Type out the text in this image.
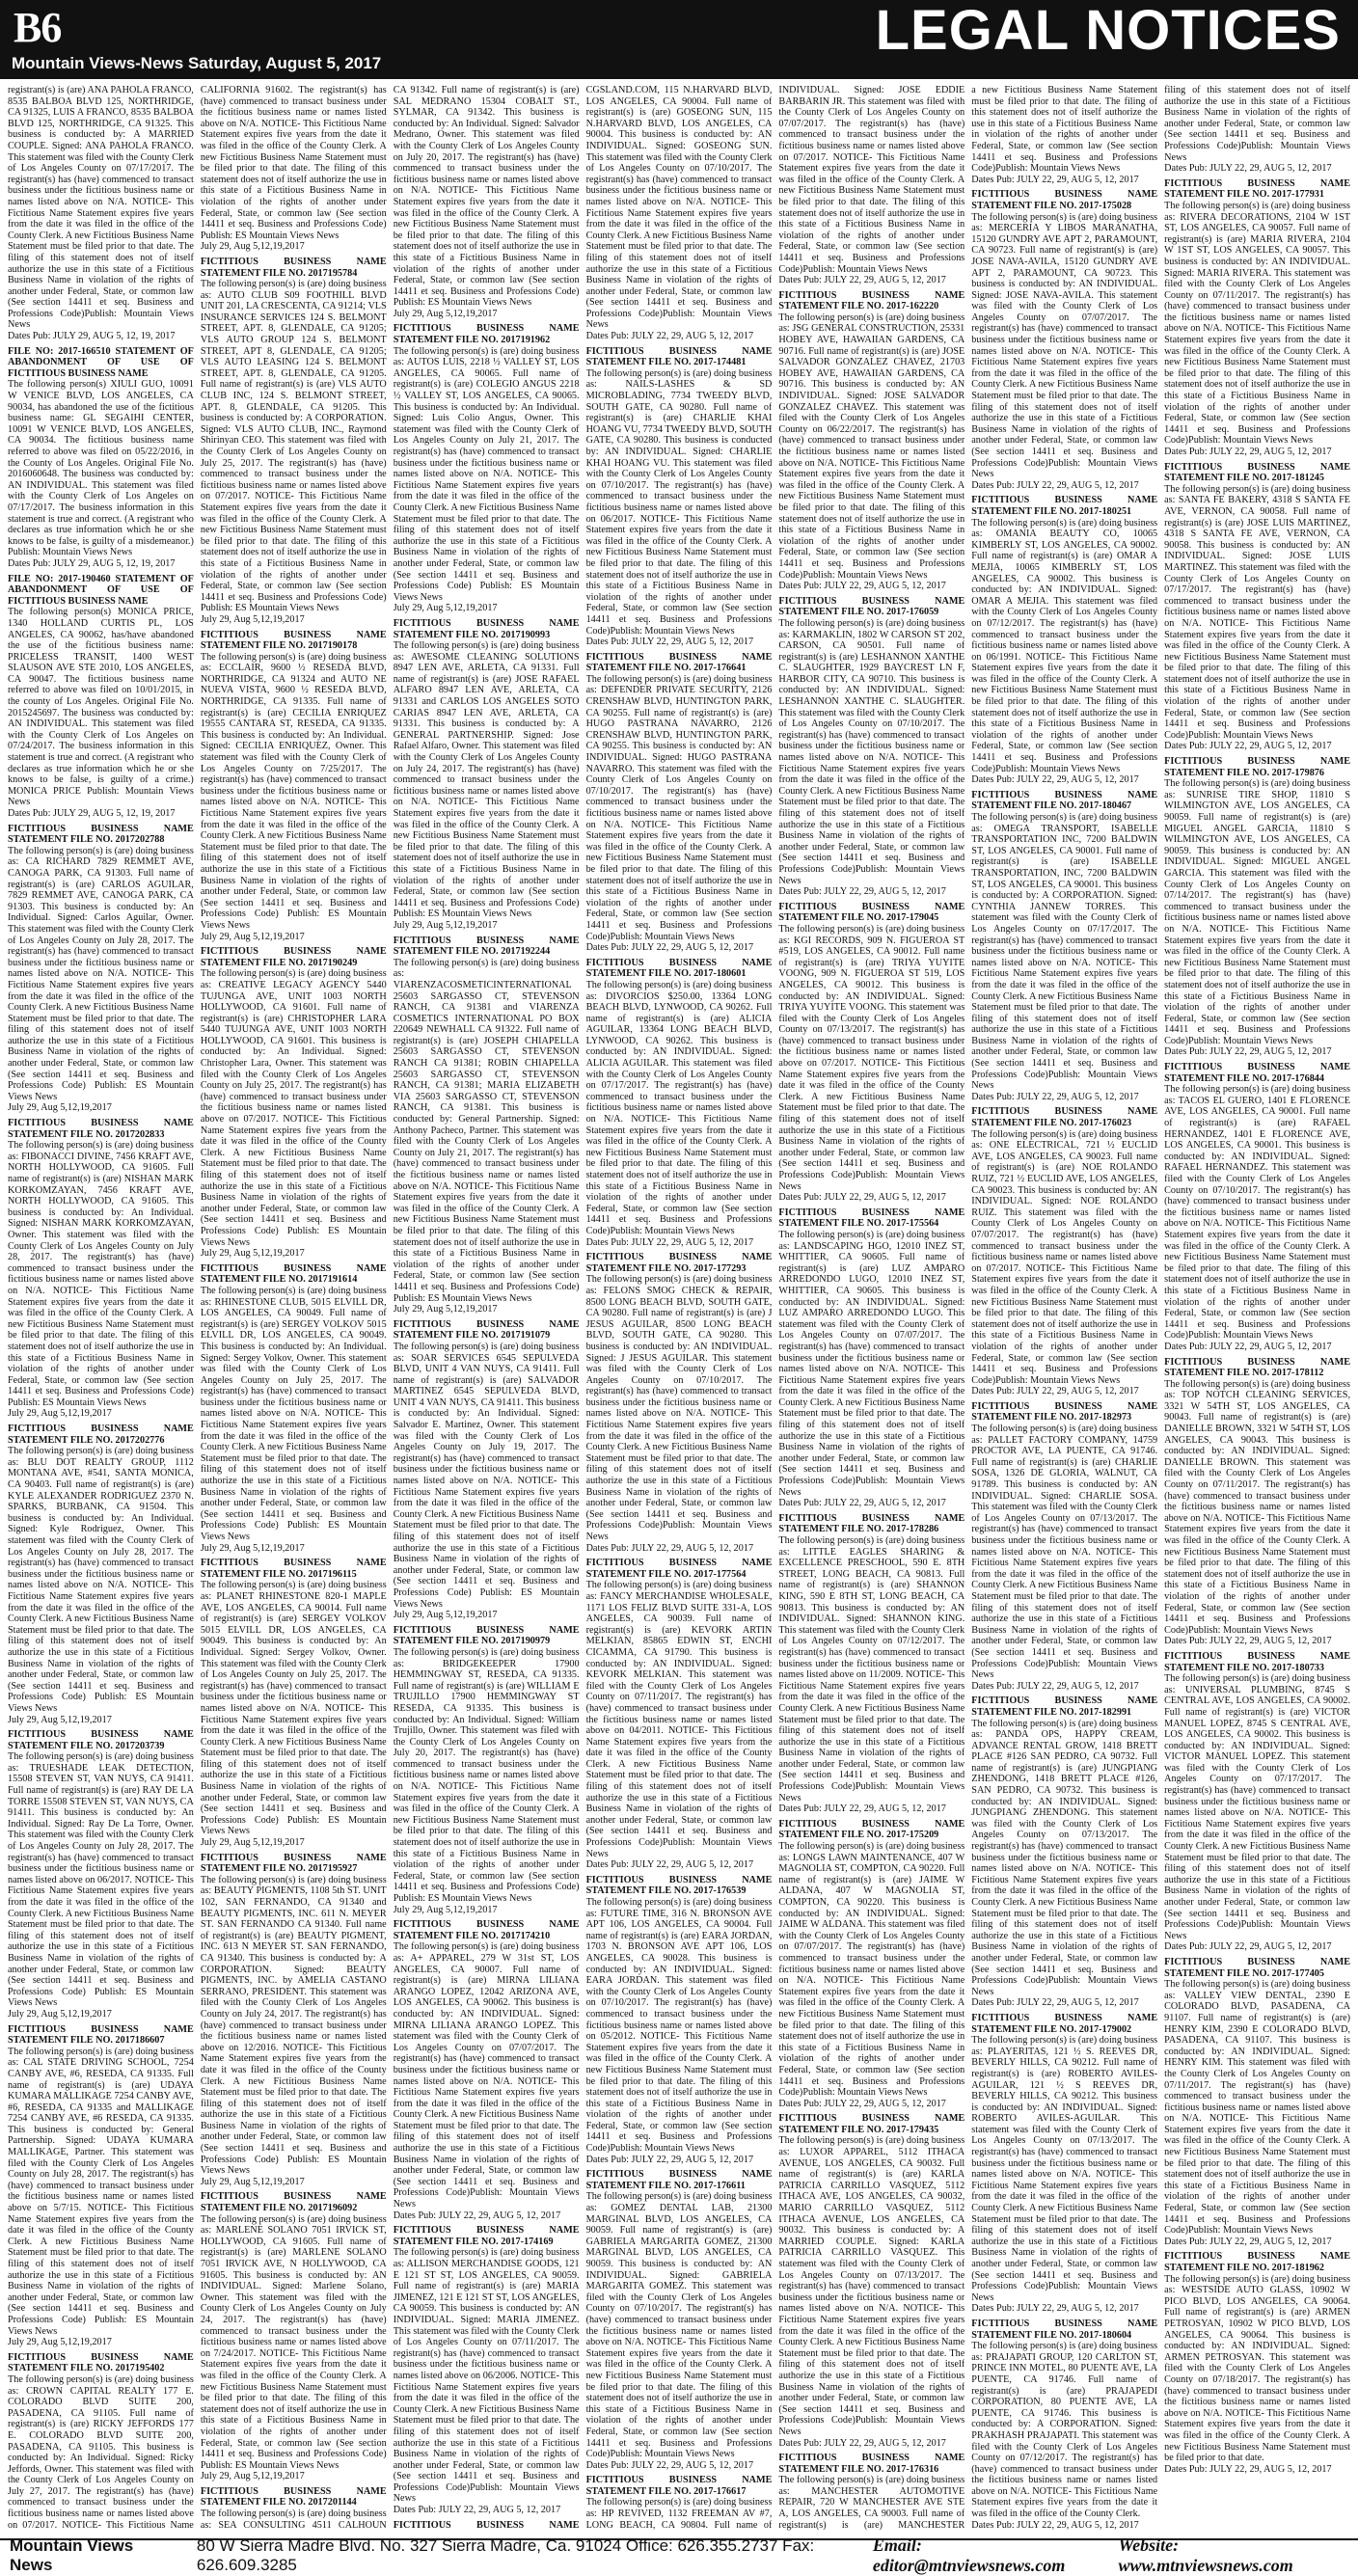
B6	LEGAL NOTICES
Mountain Views-News Saturday, August 5, 2017
registrant(s) is (are) ANA PAHOLA FRANCO, 8535 BALBOA BLVD 125, NORTHRIDGE, CA 91325, LUIS A FRANCO, 8535 BALBOA BLVD 125, NORTHRIDGE, CA 91325. This business is conducted by: A MARRIED COUPLE. Signed: ANA PAHOLA FRANCO. This statement was filed with the County Clerk of Los Angeles County on 07/17/2017. The registrant(s) has (have) commenced to transact business under the fictitious business name or names listed above on N/A. NOTICE- This Fictitious Name Statement expires five years from the date it was filed in the office of the County Clerk. A new Fictitious Business Name Statement must be filed prior to that date. The filing of this statement does not of itself authorize the use in this state of a Fictitious Business Name in violation of the rights of another under Federal, State, or common law (See section 14411 et seq. Business and Professions Code)Publish: Mountain Views News
Dates Pub: JULY 29, AUG 5, 12, 19, 2017
FILE NO: 2017-166510 STATEMENT OF ABANDONMENT OF USE OF FICTITIOUS BUSINESS NAME
The following person(s) XIULI GUO, 10091 W VENICE BLVD, LOS ANGELES, CA 90034, has abandoned the use of the fictitious business name: GL SEGAIHI CENTER, 10091 W VENICE BLVD, LOS ANGELES, CA 90034. The fictitious business name referred to above was filed on 05/22/2016, in the County of Los Angeles. Original File No. 2016060648. The business was conducted by: AN INDIVIDUAL. This statement was filed with the County Clerk of Los Angeles on 07/17/2017. The business information in this statement is true and correct. (A registrant who declares as true information which he or she knows to be false, is guilty of a misdemeanor.) Publish: Mountain Views News
Dates Pub: JULY 29, AUG 5, 12, 19, 2017
FILE NO: 2017-190460 STATEMENT OF ABANDONMENT OF USE OF FICTITIOUS BUSINESS NAME
The following person(s) MONICA PRICE, 1340 HOLLAND CURTIS PL, LOS ANGELES, CA 90062, has/have abandoned the use of the fictitious business name: PRICELESS TRANSIT, 1400 WEST SLAUSON AVE STE 2010, LOS ANGELES, CA 90047. The fictitious business name referred to above was filed on 10/01/2015, in the county of Los Angeles. Original File No. 2015245697. The business was conducted by: AN INDIVIDUAL. This statement was filed with the County Clerk of Los Angeles on 07/24/2017. The business information in this statement is true and correct. (A registrant who declares as true information which he or she knows to be false, is guilty of a crime.) MONICA PRICE Publish: Mountain Views News
Dates Pub: JULY 29, AUG 5, 12, 19, 2017
FICTITIOUS BUSINESS NAME STATEMENT FILE NO. 2017202788
The following person(s) is (are) doing business as: CA RICHARD 7829 REMMET AVE, CANOGA PARK, CA 91303. Full name of registrant(s) is (are) CARLOS AGUILAR, 7829 REMMET AVE, CANOGA PARK, CA 91303. This business is conducted by: An Individual. Signed: Carlos Aguilar, Owner. This statement was filed with the County Clerk of Los Angeles County on July 28, 2017. The registrant(s) has (have) commenced to transact business under the fictitious business name or names listed above on N/A. NOTICE- This Fictitious Name Statement expires five years from the date it was filed in the office of the County Clerk. A new Fictitious Business Name Statement must be filed prior to that date. The filing of this statement does not of itself authorize the use in this state of a Fictitious Business Name in violation of the rights of another under Federal, State, or common law (See section 14411 et seq. Business and Professions Code) Publish: ES Mountain Views News
July 29, Aug 5,12,19,2017
FICTITIOUS BUSINESS NAME STATEMENT FILE NO. 2017202833
The following person(s) is (are) doing business as: FIBONACCI DIVINE, 7456 KRAFT AVE, NORTH HOLLYWOOD, CA 91605. Full name of registrant(s) is (are) NISHAN MARK KORKOMZAYAN, 7456 KRAFT AVE, NORTH HOLLYWOOD, CA 91605. This business is conducted by: An Individual. Signed: NISHAN MARK KORKOMZAYAN, Owner. This statement was filed with the County Clerk of Los Angeles County on July 28, 2017. The registrant(s) has (have) commenced to transact business under the fictitious business name or names listed above on N/A. NOTICE- This Fictitious Name Statement expires five years from the date it was filed in the office of the County Clerk. A new Fictitious Business Name Statement must be filed prior to that date. The filing of this statement does not of itself authorize the use in this state of a Fictitious Business Name in violation of the rights of another under Federal, State, or common law (See section 14411 et seq. Business and Professions Code) Publish: ES Mountain Views News
July 29, Aug 5,12,19,2017
FICTITIOUS BUSINESS NAME STATEMENT FILE NO. 2017202776
The following person(s) is (are) doing business as: BLU DOT REALTY GROUP, 1112 MONTANA AVE, #541, SANTA MONICA, CA 90403. Full name of registrant(s) is (are) KYLE ALEXANDER RODRIGUEZ 2370 N. SPARKS, BURBANK, CA 91504. This business is conducted by: An Individual. Signed: Kyle Rodriguez, Owner. This statement was filed with the County Clerk of Los Angeles County on July 28, 2017. The registrant(s) has (have) commenced to transact business under the fictitious business name or names listed above on N/A. NOTICE- This Fictitious Name Statement expires five years from the date it was filed in the office of the County Clerk. A new Fictitious Business Name Statement must be filed prior to that date. The filing of this statement does not of itself authorize the use in this state of a Fictitious Business Name in violation of the rights of another under Federal, State, or common law (See section 14411 et seq. Business and Professions Code) Publish: ES Mountain Views News
July 29, Aug 5,12,19,2017
FICTITIOUS BUSINESS NAME STATEMENT FILE NO. 2017203739
The following person(s) is (are) doing business as: TRUESHADE LEAK DETECTION, 15508 STEVEN ST, VAN NUYS, CA 91411. Full name of registrant(s) is (are) RAY DE LA TORRE 15508 STEVEN ST, VAN NUYS, CA 91411. This business is conducted by: An Individual. Signed: Ray De La Torre, Owner. This statement was filed with the County Clerk of Los Angeles County on July 28, 2017. The registrant(s) has (have) commenced to transact business under the fictitious business name or names listed above on 06/2017. NOTICE- This Fictitious Name Statement expires five years from the date it was filed in the office of the County Clerk. A new Fictitious Business Name Statement must be filed prior to that date. The filing of this statement does not of itself authorize the use in this state of a Fictitious Business Name in violation of the rights of another under Federal, State, or common law (See section 14411 et seq. Business and Professions Code) Publish: ES Mountain Views News
July 29, Aug 5,12,19,2017
FICTITIOUS BUSINESS NAME STATEMENT FILE NO. 2017186607
The following person(s) is (are) doing business as: CAL STATE DRIVING SCHOOL, 7254 CANBY AVE, #6, RESEDA, CA 91335. Full name of registrant(s) is (are) UDAYA KUMARA MALLIKAGE 7254 CANBY AVE, #6, RESEDA, CA 91335 and MALLIKAGE 7254 CANBY AVE, #6 RESEDA, CA 91335. This business is conducted by: General Partnership. Signed: UDAYA KUMARA MALLIKAGE, Partner. This statement was filed with the County Clerk of Los Angeles County on July 28, 2017. The registrant(s) has (have) commenced to transact business under the fictitious business name or names listed above on 5/7/15. NOTICE- This Fictitious Name Statement expires five years from the date it was filed in the office of the County Clerk. A new Fictitious Business Name Statement must be filed prior to that date. The filing of this statement does not of itself authorize the use in this state of a Fictitious Business Name in violation of the rights of another under Federal, State, or common law (See section 14411 et seq. Business and Professions Code) Publish: ES Mountain Views News
July 29, Aug 5,12,19,2017
FICTITIOUS BUSINESS NAME STATEMENT FILE NO. 2017195402
The following person(s) is (are) doing business as: CROWN CAPITAL REALTY 177 E. COLORADO BLVD SUITE 200, PASADENA, CA 91105. Full name of registrant(s) is (are) RICKY JEFFORDS 177 E. COLORADO BLVD SUITE 200, PASADENA, CA 91105. This business is conducted by: An Individual. Signed: Ricky Jeffords, Owner. This statement was filed with the County Clerk of Los Angeles County on July 27, 2017. The registrant(s) has (have) commenced to transact business under the fictitious business name or names listed above on 07/2017. NOTICE- This Fictitious Name
CALIFORNIA 91602. The registrant(s) has (have) commenced to transact business under the fictitious business name or names listed above on N/A. NOTICE- This Fictitious Name Statement expires five years from the date it was filed in the office of the County Clerk. A new Fictitious Business Name Statement must be filed prior to that date. The filing of this statement does not of itself authorize the use in this state of a Fictitious Business Name in violation of the rights of another under Federal, State, or common law (See section 14411 et seq. Business and Professions Code) Publish: ES Mountain Views News
July 29, Aug 5,12,19,2017
FICTITIOUS BUSINESS NAME STATEMENT FILE NO. 2017195784
The following person(s) is (are) doing business as: AUTO CLUB S09 FOOTHILL BLVD UNIT 201, LA CRESCENTA, CA 91214; VLS INSURANCE SERVICES 124 S. BELMONT STREET, APT. 8, GLENDALE, CA 91205; VLS AUTO GROUP 124 S. BELMONT STREET, APT 8, GLENDALE, CA 91205; VLS AUTO LEASING 124 S. BELMONT STREET, APT. 8, GLENDALE, CA 91205. Full name of registrant(s) is (are) VLS AUTO CLUB INC, 124 S. BELMONT STREET, APT. 8, GLENDALE, CA 91205. This business is conducted by: A CORPORATION. Signed: VLS AUTO CLUB, INC., Raymond Shirinyan CEO. This statement was filed with the County Clerk of Los Angeles County on July 25, 2017. The registrant(s) has (have) commenced to transact business under the fictitious business name or names listed above on 07/2017. NOTICE- This Fictitious Name Statement expires five years from the date it was filed in the office of the County Clerk. A new Fictitious Business Name Statement must be filed prior to that date. The filing of this statement does not of itself authorize the use in this state of a Fictitious Business Name in violation of the rights of another under Federal, State, or common law (See section 14411 et seq. Business and Professions Code) Publish: ES Mountain Views News
July 29, Aug 5,12,19,2017
FICTITIOUS BUSINESS NAME STATEMENT FILE NO. 2017190178
The following person(s) is (are) doing business as: ECCLAIR, 9600 ½ RESEDA BLVD, NORTHRIDGE, CA 91324 and AUTO NE NUEVA VISTA, 9600 ½ RESEDA BLVD, NORTHRIDGE, CA 91335. Full name of registrant(s) is (are) CECILIA ENRIQUEZ 19555 CANTARA ST, RESEDA, CA 91335. This business is conducted by: An Individual. Signed: CECILIA ENRIQUEZ, Owner. This statement was filed with the County Clerk of Los Angeles County on 7/25/2017. The registrant(s) has (have) commenced to transact business under the fictitious business name or names listed above on N/A. NOTICE- This Fictitious Name Statement expires five years from the date it was filed in the office of the County Clerk. A new Fictitious Business Name Statement must be filed prior to that date. The filing of this statement does not of itself authorize the use in this state of a Fictitious Business Name in violation of the rights of another under Federal, State, or common law (See section 14411 et seq. Business and Professions Code) Publish: ES Mountain Views News
July 29, Aug 5,12,19,2017
FICTITIOUS BUSINESS NAME STATEMENT FILE NO. 2017190249
The following person(s) is (are) doing business as: CREATIVE LEGACY AGENCY 5440 TUJUNGA AVE, UNIT 1003 NORTH HOLLYWOOD, CA 91601. Full name of registrant(s) is (are) CHRISTOPHER LARA 5440 TUJUNGA AVE, UNIT 1003 NORTH HOLLYWOOD, CA 91601. This business is conducted by: An Individual. Signed: Christopher Lara, Owner. This statement was filed with the County Clerk of Los Angeles County on July 25, 2017. The registrant(s) has (have) commenced to transact business under the fictitious business name or names listed above on 07/2017. NOTICE- This Fictitious Name Statement expires five years from the date it was filed in the office of the County Clerk. A new Fictitious Business Name Statement must be filed prior to that date. The filing of this statement does not of itself authorize the use in this state of a Fictitious Business Name in violation of the rights of another under Federal, State, or common law (See section 14411 et seq. Business and Professions Code) Publish: ES Mountain Views News
July 29, Aug 5,12,19,2017
FICTITIOUS BUSINESS NAME STATEMENT FILE NO. 2017191614
The following person(s) is (are) doing business as: RHINESTONE CLUB, 5015 ELVILL DR, LOS ANGELES, CA 90049. Full name of registrant(s) is (are) SERGEY VOLKOV 5015 ELVILL DR, LOS ANGELES, CA 90049. This business is conducted by: An Individual. Signed: Sergey Volkov, Owner. This statement was filed with the County Clerk of Los Angeles County on July 25, 2017. The registrant(s) has (have) commenced to transact business under the fictitious business name or names listed above on N/A. NOTICE- This Fictitious Name Statement expires five years from the date it was filed in the office of the County Clerk. A new Fictitious Business Name Statement must be filed prior to that date. The filing of this statement does not of itself authorize the use in this state of a Fictitious Business Name in violation of the rights of another under Federal, State, or common law (See section 14411 et seq. Business and Professions Code) Publish: ES Mountain Views News
July 29, Aug 5,12,19,2017
FICTITIOUS BUSINESS NAME STATEMENT FILE NO. 2017196115
The following person(s) is (are) doing business as: PLANET RHINESTONE 820-1 MAPLE AVE, LOS ANGELES, CA 90014. Full name of registrant(s) is (are) SERGEY VOLKOV 5015 ELVILL DR, LOS ANGELES, CA 90049. This business is conducted by: An Individual. Signed: Sergey Volkov, Owner. This statement was filed with the County Clerk of Los Angeles County on July 25, 2017. The registrant(s) has (have) commenced to transact business under the fictitious business name or names listed above on N/A. NOTICE- This Fictitious Name Statement expires five years from the date it was filed in the office of the County Clerk. A new Fictitious Business Name Statement must be filed prior to that date. The filing of this statement does not of itself authorize the use in this state of a Fictitious Business Name in violation of the rights of another under Federal, State, or common law (See section 14411 et seq. Business and Professions Code) Publish: ES Mountain Views News
July 29, Aug 5,12,19,2017
FICTITIOUS BUSINESS NAME STATEMENT FILE NO. 2017195927
The following person(s) is (are) doing business as: BEAUTY PIGMENTS, 1108 5th ST. UNIT 102, SAN FERNANDO, CA 91340 and BEAUTY PIGMENTS, INC. 611 N. MEYER ST. SAN FERNANDO CA 91340. Full name of registrant(s) is (are) BEAUTY PIGMENT, INC. 613 N MEYER ST. SAN FERNANDO, CA 91340. This business is conducted by: A CORPORATION. Signed: BEAUTY PIGMENTS, INC. by AMELIA CASTANO SERRANO, PRESIDENT. This statement was filed with the County Clerk of Los Angeles County on July 24, 2017. The registrant(s) has (have) commenced to transact business under the fictitious business name or names listed above on 12/2016. NOTICE- This Fictitious Name Statement expires five years from the date it was filed in the office of the County Clerk. A new Fictitious Business Name Statement must be filed prior to that date. The filing of this statement does not of itself authorize the use in this state of a Fictitious Business Name in violation of the rights of another under Federal, State, or common law (See section 14411 et seq. Business and Professions Code) Publish: ES Mountain Views News
July 29, Aug 5,12,19,2017
FICTITIOUS BUSINESS NAME STATEMENT FILE NO. 2017196092
The following person(s) is (are) doing business as: MARLENE SOLANO 7051 IRVICK ST, HOLLYWOOD, CA 91605. Full name of registrant(s) is (are) MARLENE SOLANO 7051 IRVICK AVE, N HOLLYWOOD, CA 91605. This business is conducted by: AN INDIVIDUAL. Signed: Marlene Solano, Owner. This statement was filed with the County Clerk of Los Angeles County on July 24, 2017. The registrant(s) has (have) commenced to transact business under the fictitious business name or names listed above on 7/24/2017. NOTICE- This Fictitious Name Statement expires five years from the date it was filed in the office of the County Clerk. A new Fictitious Business Name Statement must be filed prior to that date. The filing of this statement does not of itself authorize the use in this state of a Fictitious Business Name in violation of the rights of another under Federal, State, or common law (See section 14411 et seq. Business and Professions Code) Publish: ES Mountain Views News
July 29, Aug 5,12,19,2017
FICTITIOUS BUSINESS NAME STATEMENT FILE NO. 2017201144
The following person(s) is (are) doing business as: SEA CONSULTING 4511 CALHOUN
CA 91342. Full name of registrant(s) is (are) SAL MEDRANO 15304 COBALT ST., SYLMAR, CA 91342. This business is conducted by: An Individual. Signed: Salvador Medrano, Owner. This statement was filed with the County Clerk of Los Angeles County on July 20, 2017. The registrant(s) has (have) commenced to transact business under the fictitious business name or names listed above on N/A. NOTICE- This Fictitious Name Statement expires five years from the date it was filed in the office of the County Clerk. A new Fictitious Business Name Statement must be filed prior to that date. The filing of this statement does not of itself authorize the use in this state of a Fictitious Business Name in violation of the rights of another under Federal, State, or common law (See section 14411 et seq. Business and Professions Code) Publish: ES Mountain Views News
July 29, Aug 5,12,19,2017
FICTITIOUS BUSINESS NAME STATEMENT FILE NO. 2017191962
The following person(s) is (are) doing business as: AUTOS LUIS, 2218 ½ VALLEY ST, LOS ANGELES, CA 90065. Full name of registrant(s) is (are) COLEGIO ANGUS 2218 ½ VALLEY ST, LOS ANGELES, CA 90065. This business is conducted by: An Individual. Signed: Luis Colio Angus, Owner. This statement was filed with the County Clerk of Los Angeles County on July 21, 2017. The registrant(s) has (have) commenced to transact business under the fictitious business name or names listed above on N/A. NOTICE- This Fictitious Name Statement expires five years from the date it was filed in the office of the County Clerk. A new Fictitious Business Name Statement must be filed prior to that date. The filing of this statement does not of itself authorize the use in this state of a Fictitious Business Name in violation of the rights of another under Federal, State, or common law (See section 14411 et seq. Business and Professions Code) Publish: ES Mountain Views News
July 29, Aug 5,12,19,2017
FICTITIOUS BUSINESS NAME STATEMENT FILE NO. 2017190993
The following person(s) is (are) doing business as: AWESOME CLEANING SOLUTIONS 8947 LEN AVE, ARLETA, CA 91331. Full name of registrant(s) is (are) JOSE RAFAEL ALFARO 8947 LEN AVE, ARLETA, CA 91331 and CARLOS LOS ANGELES SOTO CARIAS 8947 LEN AVE, ARLETA, CA 91331. This business is conducted by: A GENERAL PARTNERSHIP. Signed: Jose Rafael Alfaro, Owner. This statement was filed with the County Clerk of Los Angeles County on July 24, 2017. The registrant(s) has (have) commenced to transact business under the fictitious business name or names listed above on N/A. NOTICE- This Fictitious Name Statement expires five years from the date it was filed in the office of the County Clerk. A new Fictitious Business Name Statement must be filed prior to that date. The filing of this statement does not of itself authorize the use in this state of a Fictitious Business Name in violation of the rights of another under Federal, State, or common law (See section 14411 et seq. Business and Professions Code) Publish: ES Mountain Views News
July 29, Aug 5,12,19,2017
FICTITIOUS BUSINESS NAME STATEMENT FILE NO. 2017192244
The following person(s) is (are) doing business as: VIARENZACOSMETICINTERNATIONAL 25603 SARGASSO CT, STEVENSON RANCH, CA 91381 and VIARENZA COSMETICS INTERNATIONAL PO BOX 220649 NEWHALL CA 91322. Full name of registrant(s) is (are) JOSEPH CHIAPELLA 25603 SARGASSO CT, STEVENSON RANCH CA 91381; ROBIN CHIAPELLA 25603 SARGASSO CT, STEVENSON RANCH, CA 91381; MARIA ELIZABETH VIA 25603 SARGASSO CT, STEVENSON RANCH, CA 91381. This business is conducted by: General Partnership. Signed: Anthony Pacheco, Partner. This statement was filed with the County Clerk of Los Angeles County on July 21, 2017. The registrant(s) has (have) commenced to transact business under the fictitious business name or names listed above on N/A. NOTICE- This Fictitious Name Statement expires five years from the date it was filed in the office of the County Clerk. A new Fictitious Business Name Statement must be filed prior to that date. The filing of this statement does not of itself authorize the use in this state of a Fictitious Business Name in violation of the rights of another under Federal, State, or common law (See section 14411 et seq. Business and Professions Code) Publish: ES Mountain Views News
July 29, Aug 5,12,19,2017
FICTITIOUS BUSINESS NAME STATEMENT FILE NO. 2017191079
The following person(s) is (are) doing business as: SOAR SERVICES 6545 SEPULVEDA BLVD, UNIT 4 VAN NUYS, CA 91411. Full name of registrant(s) is (are) SALVADOR MARTINEZ 6545 SEPULVEDA BLVD, UNIT 4 VAN NUYS, CA 91411. This business is conducted by: An Individual. Signed: Salvador E. Martinez, Owner. This statement was filed with the County Clerk of Los Angeles County on July 19, 2017. The registrant(s) has (have) commenced to transact business under the fictitious business name or names listed above on N/A. NOTICE- This Fictitious Name Statement expires five years from the date it was filed in the office of the County Clerk. A new Fictitious Business Name Statement must be filed prior to that date. The filing of this statement does not of itself authorize the use in this state of a Fictitious Business Name in violation of the rights of another under Federal, State, or common law (See section 14411 et seq. Business and Professions Code) Publish: ES Mountain Views News
July 29, Aug 5,12,19,2017
FICTITIOUS BUSINESS NAME STATEMENT FILE NO. 2017190979
The following person(s) is (are) doing business as: BRIDGEKEEPER 17900 HEMMINGWAY ST, RESEDA, CA 91335. Full name of registrant(s) is (are) WILLIAM E TRUJILLO 17900 HEMMINGWAY ST RESEDA, CA 91335. This business is conducted by: An Individual. Signed: William Trujillo, Owner. This statement was filed with the County Clerk of Los Angeles County on July 20, 2017. The registrant(s) has (have) commenced to transact business under the fictitious business name or names listed above on N/A. NOTICE- This Fictitious Name Statement expires five years from the date it was filed in the office of the County Clerk. A new Fictitious Business Name Statement must be filed prior to that date. The filing of this statement does not of itself authorize the use in this state of a Fictitious Business Name in violation of the rights of another under Federal, State, or common law (See section 14411 et seq. Business and Professions Code) Publish: ES Mountain Views News
July 29, Aug 5,12,19,2017
FICTITIOUS BUSINESS NAME STATEMENT FILE NO. 2017174210
The following person(s) is (are) doing business as: A+ APPAREL, 279 W 31st ST, LOS ANGELES, CA 90007. Full name of registrant(s) is (are) MIRNA LILIANA ARANGO LOPEZ, 12042 ARIZONA AVE, LOS ANGELES, CA 90062. This business is conducted by: AN INDIVIDUAL. Signed: MIRNA LILIANA ARANGO LOPEZ. This statement was filed with the County Clerk of Los Angeles County on 07/07/2017. The registrant(s) has (have) commenced to transact business under the fictitious business name or names listed above on N/A. NOTICE- This Fictitious Name Statement expires five years from the date it was filed in the office of the County Clerk. A new Fictitious Business Name Statement must be filed prior to that date. The filing of this statement does not of itself authorize the use in this state of a Fictitious Business Name in violation of the rights of another under Federal, State, or common law (See section 14411 et seq. Business and Professions Code)Publish: Mountain Views News
Dates Pub: JULY 22, 29, AUG 5, 12, 2017
FICTITIOUS BUSINESS NAME STATEMENT FILE NO. 2017-174169
The following person(s) is (are) doing business as: ALLISON MERCHANDISE GOODS, 121 E 121 ST ST, LOS ANGELES, CA 90059. Full name of registrant(s) is (are) MARIA JIMENEZ, 121 E 121 ST ST, LOS ANGELES, CA 90059. This business is conducted by: AN INDIVIDUAL. Signed: MARIA JIMENEZ. This statement was filed with the County Clerk of Los Angeles County on 07/11/2017. The registrant(s) has (have) commenced to transact business under the fictitious business name or names listed above on 06/2006. NOTICE- This Fictitious Name Statement expires five years from the date it was filed in the office of the County Clerk. A new Fictitious Business Name Statement must be filed prior to that date. The filing of this statement does not of itself authorize the use in this state of a Fictitious Business Name in violation of the rights of another under Federal, State, or common law (See section 14411 et seq. Business and Professions Code)Publish: Mountain Views News
Dates Pub: JULY 22, 29, AUG 5, 12, 2017
FICTITIOUS BUSINESS NAME
CGSLAND.COM, 115 N.HARVARD BLVD, LOS ANGELES, CA 90004. Full name of registrant(s) is (are) GOSEONG SUN, 115 N.HARVARD BLVD, LOS ANGELES, CA 90004. This business is conducted by: AN INDIVIDUAL. Signed: GOSEONG SUN. This statement was filed with the County Clerk of Los Angeles County on 07/10/2017. The registrant(s) has (have) commenced to transact business under the fictitious business name or names listed above on N/A. NOTICE- This Fictitious Name Statement expires five years from the date it was filed in the office of the County Clerk. A new Fictitious Business Name Statement must be filed prior to that date. The filing of this statement does not of itself authorize the use in this state of a Fictitious Business Name in violation of the rights of another under Federal, State, or common law (See section 14411 et seq. Business and Professions Code)Publish: Mountain Views News
Dates Pub: JULY 22, 29, AUG 5, 12, 2017
FICTITIOUS BUSINESS NAME STATEMENT FILE NO. 2017-174481
The following person(s) is (are) doing business as: NAILS-LASHES & SD MICROBLADING, 7734 TWEEDY BLVD, SOUTH GATE, CA 90280. Full name of registrant(s) is (are) CHARLIE KHAI HOANG VU, 7734 TWEEDY BLVD, SOUTH GATE, CA 90280. This business is conducted by: AN INDIVIDUAL. Signed: CHARLIE KHAI HOANG VU. This statement was filed with the County Clerk of Los Angeles County on 07/10/2017. The registrant(s) has (have) commenced to transact business under the fictitious business name or names listed above on 06/2017. NOTICE- This Fictitious Name Statement expires five years from the date it was filed in the office of the County Clerk. A new Fictitious Business Name Statement must be filed prior to that date. The filing of this statement does not of itself authorize the use in this state of a Fictitious Business Name in violation of the rights of another under Federal, State, or common law (See section 14411 et seq. Business and Professions Code)Publish: Mountain Views News
Dates Pub: JULY 22, 29, AUG 5, 12, 2017
FICTITIOUS BUSINESS NAME STATEMENT FILE NO. 2017-176641
The following person(s) is (are) doing business as: DEFENDER PRIVATE SECURITY, 2126 CRENSHAW BLVD, HUNTINGTON PARK, CA 90255. Full name of registrant(s) is (are) HUGO PASTRANA NAVARRO, 2126 CRENSHAW BLVD, HUNTINGTON PARK, CA 90255. This business is conducted by: AN INDIVIDUAL. Signed: HUGO PASTRANA NAVARRO. This statement was filed with the County Clerk of Los Angeles County on 07/10/2017. The registrant(s) has (have) commenced to transact business under the fictitious business name or names listed above on N/A. NOTICE- This Fictitious Name Statement expires five years from the date it was filed in the office of the County Clerk. A new Fictitious Business Name Statement must be filed prior to that date. The filing of this statement does not of itself authorize the use in this state of a Fictitious Business Name in violation of the rights of another under Federal, State, or common law (See section 14411 et seq. Business and Professions Code)Publish: Mountain Views News
Dates Pub: JULY 22, 29, AUG 5, 12, 2017
FICTITIOUS BUSINESS NAME STATEMENT FILE NO. 2017-180601
The following person(s) is (are) doing business as: DIVORCIOS $250.00, 13364 LONG BEACH BLVD, LYNWOOD, CA 90262. Full name of registrant(s) is (are) ALICIA AGUILAR, 13364 LONG BEACH BLVD, LYNWOOD, CA 90262. This business is conducted by: AN INDIVIDUAL. Signed: ALICIA AGUILAR. This statement was filed with the County Clerk of Los Angeles County on 07/17/2017. The registrant(s) has (have) commenced to transact business under the fictitious business name or names listed above on N/A. NOTICE- This Fictitious Name Statement expires five years from the date it was filed in the office of the County Clerk. A new Fictitious Business Name Statement must be filed prior to that date. The filing of this statement does not of itself authorize the use in this state of a Fictitious Business Name in violation of the rights of another under Federal, State, or common law (See section 14411 et seq. Business and Professions Code)Publish: Mountain Views News
Dates Pub: JULY 22, 29, AUG 5, 12, 2017
FICTITIOUS BUSINESS NAME STATEMENT FILE NO. 2017-177293
The following person(s) is (are) doing business as: FELONS SMOG CHECK & REPAIR, 8500 LONG BEACH BLVD, SOUTH GATE, CA 90280. Full name of registrant(s) is (are) J JESUS AGUILAR, 8500 LONG BEACH BLVD, SOUTH GATE, CA 90280. This business is conducted by: AN INDIVIDUAL. Signed: J JESUS AGUILAR. This statement was filed with the County Clerk of Los Angeles County on 07/10/2017. The registrant(s) has (have) commenced to transact business under the fictitious business name or names listed above on N/A. NOTICE- This Fictitious Name Statement expires five years from the date it was filed in the office of the County Clerk. A new Fictitious Business Name Statement must be filed prior to that date. The filing of this statement does not of itself authorize the use in this state of a Fictitious Business Name in violation of the rights of another under Federal, State, or common law (See section 14411 et seq. Business and Professions Code)Publish: Mountain Views News
Dates Pub: JULY 22, 29, AUG 5, 12, 2017
FICTITIOUS BUSINESS NAME STATEMENT FILE NO. 2017-177564
The following person(s) is (are) doing business as: FANCY MERCHANDISE WHOLESALE, 1171 LOS FELIZ BLVD SUITE 331-A, LOS ANGELES, CA 90039. Full name of registrant(s) is (are) KEVORK ARTIN MELKIAN, 85865 EDWIN ST, ENCHI CICAMMA, CA 91790. This business is conducted by: AN INDIVIDUAL. Signed: KEVORK MELKIAN. This statement was filed with the County Clerk of Los Angeles County on 07/11/2017. The registrant(s) has (have) commenced to transact business under the fictitious business name or names listed above on 04/2011. NOTICE- This Fictitious Name Statement expires five years from the date it was filed in the office of the County Clerk. A new Fictitious Business Name Statement must be filed prior to that date. The filing of this statement does not of itself authorize the use in this state of a Fictitious Business Name in violation of the rights of another under Federal, State, or common law (See section 14411 et seq. Business and Professions Code)Publish: Mountain Views News
Dates Pub: JULY 22, 29, AUG 5, 12, 2017
FICTITIOUS BUSINESS NAME STATEMENT FILE NO. 2017-176539
The following person(s) is (are) doing business as: FUTURE TIME, 316 N. BRONSON AVE APT 106, LOS ANGELES, CA 90004. Full name of registrant(s) is (are) EARA JORDAN, 1703 N. BRONSON AVE APT 106, LOS ANGELES, CA 90028. This business is conducted by: AN INDIVIDUAL. Signed: EARA JORDAN. This statement was filed with the County Clerk of Los Angeles County on 07/10/2017. The registrant(s) has (have) commenced to transact business under the fictitious business name or names listed above on 05/2012. NOTICE- This Fictitious Name Statement expires five years from the date it was filed in the office of the County Clerk. A new Fictitious Business Name Statement must be filed prior to that date. The filing of this statement does not of itself authorize the use in this state of a Fictitious Business Name in violation of the rights of another under Federal, State, or common law (See section 14411 et seq. Business and Professions Code)Publish: Mountain Views News
Dates Pub: JULY 22, 29, AUG 5, 12, 2017
FICTITIOUS BUSINESS NAME STATEMENT FILE NO. 2017-176611
The following person(s) is (are) doing business as: GOMEZ DENTAL LAB, 21300 MARGINAL BLVD, LOS ANGELES, CA 90059. Full name of registrant(s) is (are) GABRIELA MARGARITA GOMEZ, 21300 MARGINAL BLVD, LOS ANGELES, CA 90059. This business is conducted by: AN INDIVIDUAL. Signed: GABRIELA MARGARITA GOMEZ. This statement was filed with the County Clerk of Los Angeles County on 07/10/2017. The registrant(s) has (have) commenced to transact business under the fictitious business name or names listed above on N/A. NOTICE- This Fictitious Name Statement expires five years from the date it was filed in the office of the County Clerk. A new Fictitious Business Name Statement must be filed prior to that date. The filing of this statement does not of itself authorize the use in this state of a Fictitious Business Name in violation of the rights of another under Federal, State, or common law (See section 14411 et seq. Business and Professions Code)Publish: Mountain Views News
Dates Pub: JULY 22, 29, AUG 5, 12, 2017
FICTITIOUS BUSINESS NAME STATEMENT FILE NO. 2017-176617
The following person(s) is (are) doing business as: HP REVIVED, 1132 FREEMAN AV #7, LONG BEACH, CA 90804. Full name of
INDIVIDUAL. Signed: JOSE EDDIE BARBARIN JR. This statement was filed with the County Clerk of Los Angeles County on 07/07/2017. The registrant(s) has (have) commenced to transact business under the fictitious business name or names listed above on 07/2017. NOTICE- This Fictitious Name Statement expires five years from the date it was filed in the office of the County Clerk. A new Fictitious Business Name Statement must be filed prior to that date. The filing of this statement does not of itself authorize the use in this state of a Fictitious Business Name in violation of the rights of another under Federal, State, or common law (See section 14411 et seq. Business and Professions Code)Publish: Mountain Views News
Dates Pub: JULY 22, 29, AUG 5, 12, 2017
FICTITIOUS BUSINESS NAME STATEMENT FILE NO. 2017-162220
The following person(s) is (are) doing business as: JSG GENERAL CONSTRUCTION, 25331 HOBEY AVE, HAWAIIAN GARDENS, CA 90716. Full name of registrant(s) is (are) JOSE SALVADOR GONZALEZ CHAVEZ, 21703 HOBEY AVE, HAWAIIAN GARDENS, CA 90716. This business is conducted by: AN INDIVIDUAL. Signed: JOSE SALVADOR GONZALEZ CHAVEZ. This statement was filed with the County Clerk of Los Angeles County on 06/22/2017. The registrant(s) has (have) commenced to transact business under the fictitious business name or names listed above on N/A. NOTICE- This Fictitious Name Statement expires five years from the date it was filed in the office of the County Clerk. A new Fictitious Business Name Statement must be filed prior to that date. The filing of this statement does not of itself authorize the use in this state of a Fictitious Business Name in violation of the rights of another under Federal, State, or common law (See section 14411 et seq. Business and Professions Code)Publish: Mountain Views News
Dates Pub: JULY 22, 29, AUG 5, 12, 2017
FICTITIOUS BUSINESS NAME STATEMENT FILE NO. 2017-176059
The following person(s) is (are) doing business as: KARMAKLIN, 1802 W CARSON ST 202, CARSON, CA 90501. Full name of registrant(s) is (are) LESHANNON XANTHE C. SLAUGHTER, 1929 BAYCREST LN F, HARBOR CITY, CA 90710. This business is conducted by: AN INDIVIDUAL. Signed: LESHANNON XANTHE C. SLAUGHTER. This statement was filed with the County Clerk of Los Angeles County on 07/10/2017. The registrant(s) has (have) commenced to transact business under the fictitious business name or names listed above on N/A. NOTICE- This Fictitious Name Statement expires five years from the date it was filed in the office of the County Clerk. A new Fictitious Business Name Statement must be filed prior to that date. The filing of this statement does not of itself authorize the use in this state of a Fictitious Business Name in violation of the rights of another under Federal, State, or common law (See section 14411 et seq. Business and Professions Code)Publish: Mountain Views News
Dates Pub: JULY 22, 29, AUG 5, 12, 2017
FICTITIOUS BUSINESS NAME STATEMENT FILE NO. 2017-179045
The following person(s) is (are) doing business as: KGI RECORDS, 909 N. FIGUEROA ST #519, LOS ANGELES, CA 90012. Full name of registrant(s) is (are) TRIYA YUYITE VOONG, 909 N. FIGUEROA ST 519, LOS ANGELES, CA 90012. This business is conducted by: AN INDIVIDUAL. Signed: TRIYA YUYITE VOONG. This statement was filed with the County Clerk of Los Angeles County on 07/13/2017. The registrant(s) has (have) commenced to transact business under the fictitious business name or names listed above on 07/2017. NOTICE- This Fictitious Name Statement expires five years from the date it was filed in the office of the County Clerk. A new Fictitious Business Name Statement must be filed prior to that date. The filing of this statement does not of itself authorize the use in this state of a Fictitious Business Name in violation of the rights of another under Federal, State, or common law (See section 14411 et seq. Business and Professions Code)Publish: Mountain Views News
Dates Pub: JULY 22, 29, AUG 5, 12, 2017
FICTITIOUS BUSINESS NAME STATEMENT FILE NO. 2017-175564
The following person(s) is (are) doing business as: LANDSCAPING HGO, 12010 INEZ ST, WHITTIER, CA 90605. Full name of registrant(s) is (are) LUZ AMPARO ARREDONDO LUGO, 12010 INEZ ST, WHITTIER, CA 90605. This business is conducted by: AN INDIVIDUAL. Signed: LUZ AMPARO ARREDONDO LUGO. This statement was filed with the County Clerk of Los Angeles County on 07/07/2017. The registrant(s) has (have) commenced to transact business under the fictitious business name or names listed above on N/A. NOTICE- This Fictitious Name Statement expires five years from the date it was filed in the office of the County Clerk. A new Fictitious Business Name Statement must be filed prior to that date. The filing of this statement does not of itself authorize the use in this state of a Fictitious Business Name in violation of the rights of another under Federal, State, or common law (See section 14411 et seq. Business and Professions Code)Publish: Mountain Views News
Dates Pub: JULY 22, 29, AUG 5, 12, 2017
FICTITIOUS BUSINESS NAME STATEMENT FILE NO. 2017-178286
The following person(s) is (are) doing business as: LITTLE EAGLES SHARING & EXCELLENCE PRESCHOOL, 590 E. 8TH STREET, LONG BEACH, CA 90813. Full name of registrant(s) is (are) SHANNON KING, 590 E 8TH ST, LONG BEACH, CA 90813. This business is conducted by: AN INDIVIDUAL. Signed: SHANNON KING. This statement was filed with the County Clerk of Los Angeles County on 07/12/2017. The registrant(s) has (have) commenced to transact business under the fictitious business name or names listed above on 11/2009. NOTICE- This Fictitious Name Statement expires five years from the date it was filed in the office of the County Clerk. A new Fictitious Business Name Statement must be filed prior to that date. The filing of this statement does not of itself authorize the use in this state of a Fictitious Business Name in violation of the rights of another under Federal, State, or common law (See section 14411 et seq. Business and Professions Code)Publish: Mountain Views News
Dates Pub: JULY 22, 29, AUG 5, 12, 2017
FICTITIOUS BUSINESS NAME STATEMENT FILE NO. 2017-175209
The following person(s) is (are) doing business as: LONGS LAWN MAINTENANCE, 407 W MAGNOLIA ST, COMPTON, CA 90220. Full name of registrant(s) is (are) JAIME W ALDANA, 407 W MAGNOLIA ST, COMPTON, CA 90220. This business is conducted by: AN INDIVIDUAL. Signed: JAIME W ALDANA. This statement was filed with the County Clerk of Los Angeles County on 07/07/2017. The registrant(s) has (have) commenced to transact business under the fictitious business name or names listed above on N/A. NOTICE- This Fictitious Name Statement expires five years from the date it was filed in the office of the County Clerk. A new Fictitious Business Name Statement must be filed prior to that date. The filing of this statement does not of itself authorize the use in this state of a Fictitious Business Name in violation of the rights of another under Federal, State, or common law (See section 14411 et seq. Business and Professions Code)Publish: Mountain Views News
Dates Pub: JULY 22, 29, AUG 5, 12, 2017
FICTITIOUS BUSINESS NAME STATEMENT FILE NO. 2017-179435
The following person(s) is (are) doing business as: LUXOR APPAREL, 5112 ITHACA AVENUE, LOS ANGELES, CA 90032. Full name of registrant(s) is (are) KARLA PATRICIA CARRILLO VASQUEZ, 5112 ITHACA AVE, LOS ANGELES, CA 90032, MARIO CARRILLO VASQUEZ, 5112 ITHACA AVENUE, LOS ANGELES, CA 90032. This business is conducted by: A MARRIED COUPLE. Signed: KARLA PATRICIA CARRILLO VASQUEZ. This statement was filed with the County Clerk of Los Angeles County on 07/13/2017. The registrant(s) has (have) commenced to transact business under the fictitious business name or names listed above on N/A. NOTICE- This Fictitious Name Statement expires five years from the date it was filed in the office of the County Clerk. A new Fictitious Business Name Statement must be filed prior to that date. The filing of this statement does not of itself authorize the use in this state of a Fictitious Business Name in violation of the rights of another under Federal, State, or common law (See section 14411 et seq. Business and Professions Code)Publish: Mountain Views News
Dates Pub: JULY 22, 29, AUG 5, 12, 2017
FICTITIOUS BUSINESS NAME STATEMENT FILE NO. 2017-176316
The following person(s) is (are) doing business as: MANCHESTER AUTOMOTIVE REPAIR, 720 W MANCHESTER AVE STE A, LOS ANGELES, CA 90003. Full name of registrant(s) is (are) MANCHESTER
a new Fictitious Business Name Statement must be filed prior to that date. The filing of this statement does not of itself authorize the use in this state of a Fictitious Business Name in violation of the rights of another under Federal, State, or common law (See section 14411 et seq. Business and Professions Code)Publish: Mountain Views News
Dates Pub: JULY 22, 29, AUG 5, 12, 2017
FICTITIOUS BUSINESS NAME STATEMENT FILE NO. 2017-175028
The following person(s) is (are) doing business as: MERCERIA Y LIBOS MARANATHA, 15120 GUNDRY AVE APT 2, PARAMOUNT, CA 90723. Full name of registrant(s) is (are) JOSE NAVA-AVILA, 15120 GUNDRY AVE APT 2, PARAMOUNT, CA 90723. This business is conducted by: AN INDIVIDUAL. Signed: JOSE NAVA-AVILA. This statement was filed with the County Clerk of Los Angeles County on 07/07/2017. The registrant(s) has (have) commenced to transact business under the fictitious business name or names listed above on N/A. NOTICE- This Fictitious Name Statement expires five years from the date it was filed in the office of the County Clerk. A new Fictitious Business Name Statement must be filed prior to that date. The filing of this statement does not of itself authorize the use in this state of a Fictitious Business Name in violation of the rights of another under Federal, State, or common law (See section 14411 et seq. Business and Professions Code)Publish: Mountain Views News
Dates Pub: JULY 22, 29, AUG 5, 12, 2017
FICTITIOUS BUSINESS NAME STATEMENT FILE NO. 2017-180251
The following person(s) is (are) doing business as: OMANIA BEAUTY CO, 10065 KIMBERLY ST, LOS ANGELES, CA 90002. Full name of registrant(s) is (are) OMAR A MEJIA, 10065 KIMBERLY ST, LOS ANGELES, CA 90002. This business is conducted by: AN INDIVIDUAL. Signed: OMAR A MEJIA. This statement was filed with the County Clerk of Los Angeles County on 07/12/2017. The registrant(s) has (have) commenced to transact business under the fictitious business name or names listed above on 06/1991. NOTICE- This Fictitious Name Statement expires five years from the date it was filed in the office of the County Clerk. A new Fictitious Business Name Statement must be filed prior to that date. The filing of this statement does not of itself authorize the use in this state of a Fictitious Business Name in violation of the rights of another under Federal, State, or common law (See section 14411 et seq. Business and Professions Code)Publish: Mountain Views News
Dates Pub: JULY 22, 29, AUG 5, 12, 2017
FICTITIOUS BUSINESS NAME STATEMENT FILE NO. 2017-180467
The following person(s) is (are) doing business as: OMEGA TRANSPORT, ISABELLE TRANSPORTATION INC, 7200 BALDWIN ST, LOS ANGELES, CA 90001. Full name of registrant(s) is (are) ISABELLE TRANSPORTATION, INC, 7200 BALDWIN ST, LOS ANGELES, CA 90001. This business is conducted by: A CORPORATION. Signed: CYNTHIA JANNEW TORRES. This statement was filed with the County Clerk of Los Angeles County on 07/17/2017. The registrant(s) has (have) commenced to transact business under the fictitious business name or names listed above on N/A. NOTICE- This Fictitious Name Statement expires five years from the date it was filed in the office of the County Clerk. A new Fictitious Business Name Statement must be filed prior to that date. The filing of this statement does not of itself authorize the use in this state of a Fictitious Business Name in violation of the rights of another under Federal, State, or common law (See section 14411 et seq. Business and Professions Code)Publish: Mountain Views News
Dates Pub: JULY 22, 29, AUG 5, 12, 2017
FICTITIOUS BUSINESS NAME STATEMENT FILE NO. 2017-176023
The following person(s) is (are) doing business as: ONE ELECTRICAL, 721 ½ EUCLID AVE, LOS ANGELES, CA 90023. Full name of registrant(s) is (are) NOE ROLANDO RUIZ, 721 ½ EUCLID AVE, LOS ANGELES, CA 90023. This business is conducted by: AN INDIVIDUAL. Signed: NOE ROLANDO RUIZ. This statement was filed with the County Clerk of Los Angeles County on 07/07/2017. The registrant(s) has (have) commenced to transact business under the fictitious business name or names listed above on 07/2017. NOTICE- This Fictitious Name Statement expires five years from the date it was filed in the office of the County Clerk. A new Fictitious Business Name Statement must be filed prior to that date. The filing of this statement does not of itself authorize the use in this state of a Fictitious Business Name in violation of the rights of another under Federal, State, or common law (See section 14411 et seq. Business and Professions Code)Publish: Mountain Views News
Dates Pub: JULY 22, 29, AUG 5, 12, 2017
FICTITIOUS BUSINESS NAME STATEMENT FILE NO. 2017-182973
The following person(s) is (are) doing business as: PALLET FACTORY COMPANY, 14759 PROCTOR AVE, LA PUENTE, CA 91746. Full name of registrant(s) is (are) CHARLIE SOSA, 1326 DE GLORIA, WALNUT, CA 91789. This business is conducted by: AN INDIVIDUAL. Signed: CHARLIE SOSA. This statement was filed with the County Clerk of Los Angeles County on 07/13/2017. The registrant(s) has (have) commenced to transact business under the fictitious business name or names listed above on N/A. NOTICE- This Fictitious Name Statement expires five years from the date it was filed in the office of the County Clerk. A new Fictitious Business Name Statement must be filed prior to that date. The filing of this statement does not of itself authorize the use in this state of a Fictitious Business Name in violation of the rights of another under Federal, State, or common law (See section 14411 et seq. Business and Professions Code)Publish: Mountain Views News
Dates Pub: JULY 22, 29, AUG 5, 12, 2017
FICTITIOUS BUSINESS NAME STATEMENT FILE NO. 2017-182991
The following person(s) is (are) doing business as: PANDA OPS, HAPPY CREAM, ADVANCE RENTAL GROW, 1418 BRETT PLACE #126 SAN PEDRO, CA 90732. Full name of registrant(s) is (are) JUNGPIANG ZHENDONG, 1418 BRETT PLACE #126, SAN PEDRO, CA 90732. This business is conducted by: AN INDIVIDUAL. Signed: JUNGPIANG ZHENDONG. This statement was filed with the County Clerk of Los Angeles County on 07/13/2017. The registrant(s) has (have) commenced to transact business under the fictitious business name or names listed above on N/A. NOTICE- This Fictitious Name Statement expires five years from the date it was filed in the office of the County Clerk. A new Fictitious Business Name Statement must be filed prior to that date. The filing of this statement does not of itself authorize the use in this state of a Fictitious Business Name in violation of the rights of another under Federal, State, or common law (See section 14411 et seq. Business and Professions Code)Publish: Mountain Views News
Dates Pub: JULY 22, 29, AUG 5, 12, 2017
FICTITIOUS BUSINESS NAME STATEMENT FILE NO. 2017-179002
The following person(s) is (are) doing business as: PLAYERITAS, 121 ½ S. REEVES DR, BEVERLY HILLS, CA 90212. Full name of registrant(s) is (are) ROBERTO AVILES-AGUILAR, 121 ½ S REEVES DR, BEVERLY HILLS, CA 90212. This business is conducted by: AN INDIVIDUAL. Signed: ROBERTO AVILES-AGUILAR. This statement was filed with the County Clerk of Los Angeles County on 07/13/2017. The registrant(s) has (have) commenced to transact business under the fictitious business name or names listed above on N/A. NOTICE- This Fictitious Name Statement expires five years from the date it was filed in the office of the County Clerk. A new Fictitious Business Name Statement must be filed prior to that date. The filing of this statement does not of itself authorize the use in this state of a Fictitious Business Name in violation of the rights of another under Federal, State, or common law (See section 14411 et seq. Business and Professions Code)Publish: Mountain Views News
Dates Pub: JULY 22, 29, AUG 5, 12, 2017
FICTITIOUS BUSINESS NAME STATEMENT FILE NO. 2017-180604
The following person(s) is (are) doing business as: PRAJAPATI GROUP, 120 CARLTON ST, PRINCE INN MOTEL, 80 PUENTE AVE, LA PUENTE, CA 91746. Full name of registrant(s) is (are) PRAJAPEDI CORPORATION, 80 PUENTE AVE, LA PUENTE, CA 91746. This business is conducted by: A CORPORATION. Signed: PRAKHASH PRAJAPATI. This statement was filed with the County Clerk of Los Angeles County on 07/12/2017. The registrant(s) has (have) commenced to transact business under the fictitious business name or names listed above on N/A. NOTICE- This Fictitious Name Statement expires five years from the date it was filed in the office of the County Clerk.
Dates Pub: JULY 22, 29, AUG 5, 12, 2017
filing of this statement does not of itself authorize the use in this state of a Fictitious Business Name in violation of the rights of another under Federal, State, or common law (See section 14411 et seq. Business and Professions Code)Publish: Mountain Views News
Dates Pub: JULY 22, 29, AUG 5, 12, 2017
FICTITIOUS BUSINESS NAME STATEMENT FILE NO. 2017-177931
The following person(s) is (are) doing business as: RIVERA DECORATIONS, 2104 W 1ST ST, LOS ANGELES, CA 90057. Full name of registrant(s) is (are) MARIA RIVERA, 2104 W 1ST ST, LOS ANGELES, CA 90057. This business is conducted by: AN INDIVIDUAL. Signed: MARIA RIVERA. This statement was filed with the County Clerk of Los Angeles County on 07/11/2017. The registrant(s) has (have) commenced to transact business under the fictitious business name or names listed above on N/A. NOTICE- This Fictitious Name Statement expires five years from the date it was filed in the office of the County Clerk. A new Fictitious Business Name Statement must be filed prior to that date. The filing of this statement does not of itself authorize the use in this state of a Fictitious Business Name in violation of the rights of another under Federal, State, or common law (See section 14411 et seq. Business and Professions Code)Publish: Mountain Views News
Dates Pub: JULY 22, 29, AUG 5, 12, 2017
FICTITIOUS BUSINESS NAME STATEMENT FILE NO. 2017-181245
The following person(s) is (are) doing business as: SANTA FE BAKERY, 4318 S SANTA FE AVE, VERNON, CA 90058. Full name of registrant(s) is (are) JOSE LUIS MARTINEZ, 4318 S SANTA FE AVE, VERNON, CA 90058. This business is conducted by: AN INDIVIDUAL. Signed: JOSE LUIS MARTINEZ. This statement was filed with the County Clerk of Los Angeles County on 07/17/2017. The registrant(s) has (have) commenced to transact business under the fictitious business name or names listed above on N/A. NOTICE- This Fictitious Name Statement expires five years from the date it was filed in the office of the County Clerk. A new Fictitious Business Name Statement must be filed prior to that date. The filing of this statement does not of itself authorize the use in this state of a Fictitious Business Name in violation of the rights of another under Federal, State, or common law (See section 14411 et seq. Business and Professions Code)Publish: Mountain Views News
Dates Pub: JULY 22, 29, AUG 5, 12, 2017
FICTITIOUS BUSINESS NAME STATEMENT FILE NO. 2017-179876
The following person(s) is (are) doing business as: SUNRISE TIRE SHOP, 11810 S WILMINGTON AVE, LOS ANGELES, CA 90059. Full name of registrant(s) is (are) MIGUEL ANGEL GARCIA, 11810 S WILMINGTON AVE, LOS ANGELES, CA 90059. This business is conducted by: AN INDIVIDUAL. Signed: MIGUEL ANGEL GARCIA. This statement was filed with the County Clerk of Los Angeles County on 07/14/2017. The registrant(s) has (have) commenced to transact business under the fictitious business name or names listed above on N/A. NOTICE- This Fictitious Name Statement expires five years from the date it was filed in the office of the County Clerk. A new Fictitious Business Name Statement must be filed prior to that date. The filing of this statement does not of itself authorize the use in this state of a Fictitious Business Name in violation of the rights of another under Federal, State, or common law (See section 14411 et seq. Business and Professions Code)Publish: Mountain Views News
Dates Pub: JULY 22, 29, AUG 5, 12, 2017
FICTITIOUS BUSINESS NAME STATEMENT FILE NO. 2017-176844
The following person(s) is (are) doing business as: TACOS EL GUERO, 1401 E FLORENCE AVE, LOS ANGELES, CA 90001. Full name of registrant(s) is (are) RAFAEL HERNANDEZ, 1401 E FLORENCE AVE, LOS ANGELES, CA 90001. This business is conducted by: AN INDIVIDUAL. Signed: RAFAEL HERNANDEZ. This statement was filed with the County Clerk of Los Angeles County on 07/10/2017. The registrant(s) has (have) commenced to transact business under the fictitious business name or names listed above on N/A. NOTICE- This Fictitious Name Statement expires five years from the date it was filed in the office of the County Clerk. A new Fictitious Business Name Statement must be filed prior to that date. The filing of this statement does not of itself authorize the use in this state of a Fictitious Business Name in violation of the rights of another under Federal, State, or common law (See section 14411 et seq. Business and Professions Code)Publish: Mountain Views News
Dates Pub: JULY 22, 29, AUG 5, 12, 2017
FICTITIOUS BUSINESS NAME STATEMENT FILE NO. 2017-178112
The following person(s) is (are) doing business as: TOP NOTCH CLEANING SERVICES, 3321 W 54TH ST, LOS ANGELES, CA 90043. Full name of registrant(s) is (are) DANIELLE BROWN, 3321 W 54TH ST, LOS ANGELES, CA 90043. This business is conducted by: AN INDIVIDUAL. Signed: DANIELLE BROWN. This statement was filed with the County Clerk of Los Angeles County on 07/11/2017. The registrant(s) has (have) commenced to transact business under the fictitious business name or names listed above on N/A. NOTICE- This Fictitious Name Statement expires five years from the date it was filed in the office of the County Clerk. A new Fictitious Business Name Statement must be filed prior to that date. The filing of this statement does not of itself authorize the use in this state of a Fictitious Business Name in violation of the rights of another under Federal, State, or common law (See section 14411 et seq. Business and Professions Code)Publish: Mountain Views News
Dates Pub: JULY 22, 29, AUG 5, 12, 2017
FICTITIOUS BUSINESS NAME STATEMENT FILE NO. 2017-180733
The following person(s) is (are) doing business as: UNIVERSAL PLUMBING, 8745 S CENTRAL AVE, LOS ANGELES, CA 90002. Full name of registrant(s) is (are) VICTOR MANUEL LOPEZ, 8745 S CENTRAL AVE, LOS ANGELES, CA 90002. This business is conducted by: AN INDIVIDUAL. Signed: VICTOR MANUEL LOPEZ. This statement was filed with the County Clerk of Los Angeles County on 07/17/2017. The registrant(s) has (have) commenced to transact business under the fictitious business name or names listed above on N/A. NOTICE- This Fictitious Name Statement expires five years from the date it was filed in the office of the County Clerk. A new Fictitious Business Name Statement must be filed prior to that date. The filing of this statement does not of itself authorize the use in this state of a Fictitious Business Name in violation of the rights of another under Federal, State, or common law (See section 14411 et seq. Business and Professions Code)Publish: Mountain Views News
Dates Pub: JULY 22, 29, AUG 5, 12, 2017
FICTITIOUS BUSINESS NAME STATEMENT FILE NO. 2017-177405
The following person(s) is (are) doing business as: VALLEY VIEW DENTAL, 2390 E COLORADO BLVD, PASADENA, CA 91107. Full name of registrant(s) is (are) HENRY KIM, 2390 E COLORADO BLVD, PASADENA, CA 91107. This business is conducted by: AN INDIVIDUAL. Signed: HENRY KIM. This statement was filed with the County Clerk of Los Angeles County on 07/11/2017. The registrant(s) has (have) commenced to transact business under the fictitious business name or names listed above on N/A. NOTICE- This Fictitious Name Statement expires five years from the date it was filed in the office of the County Clerk. A new Fictitious Business Name Statement must be filed prior to that date. The filing of this statement does not of itself authorize the use in this state of a Fictitious Business Name in violation of the rights of another under Federal, State, or common law (See section 14411 et seq. Business and Professions Code)Publish: Mountain Views News
Dates Pub: JULY 22, 29, AUG 5, 12, 2017
FICTITIOUS BUSINESS NAME STATEMENT FILE NO. 2017-181962
The following person(s) is (are) doing business as: WESTSIDE AUTO GLASS, 10902 W PICO BLVD, LOS ANGELES, CA 90064. Full name of registrant(s) is (are) ARMEN PETROSYAN, 10902 W PICO BLVD, LOS ANGELES, CA 90064. This business is conducted by: AN INDIVIDUAL. Signed: ARMEN PETROSYAN. This statement was filed with the County Clerk of Los Angeles County on 07/18/2017. The registrant(s) has (have) commenced to transact business under the fictitious business name or names listed above on N/A. NOTICE- This Fictitious Name Statement expires five years from the date it was filed in the office of the County Clerk. A new Fictitious Business Name Statement must be filed prior to that date.
Dates Pub: JULY 22, 29, AUG 5, 12, 2017
Mountain Views News
80 W Sierra Madre Blvd. No. 327 Sierra Madre, Ca. 91024 Office: 626.355.2737 Fax: 626.609.3285
Email: editor@mtnviewsnews.com
Website: www.mtnviewsnews.com
